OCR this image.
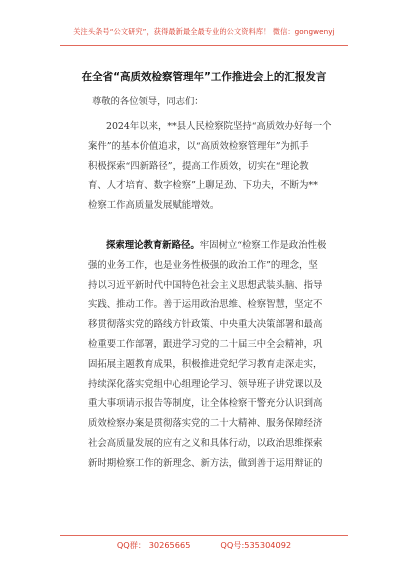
关注头条号“公文研究”，获得最新最全最专业的公文资料库！ 微信：gongwenyj
在全省“高质效检察管理年”工作推进会上的汇报发言
尊敬的各位领导，同志们：
2024年以来，**县人民检察院坚持“高质效办好每一个
案件”的基本价值追求，以“高质效检察管理年”为抓手
积极探索“四新路径”，提高工作质效，切实在“理论教
育、人才培育、数字检察”上聊足劲、下功夫，不断为**
检察工作高质量发展赋能增效。
探索理论教育新路径。牢固树立“检察工作是政治性极
强的业务工作，也是业务性极强的政治工作”的理念，坚
持以习近平新时代中国特色社会主义思想武装头脑、指导
实践、推动工作。善于运用政治思维、检察智慧，坚定不
移贯彻落实党的路线方针政策、中央重大决策部署和最高
检重要工作部署，跟进学习党的二十届三中全会精神，巩
固拓展主题教育成果，积极推进党纪学习教育走深走实，
持续深化落实党组中心组理论学习、领导班子讲党课以及
重大事项请示报告等制度，让全体检察干警充分认识到高
质效检察办案是贯彻落实党的二十大精神、服务保障经济
社会高质量发展的应有之义和具体行动，以政治思维探索
新时期检察工作的新理念、新方法，做到善于运用辩证的
QQ群： 30265665	QQ号:535304092
